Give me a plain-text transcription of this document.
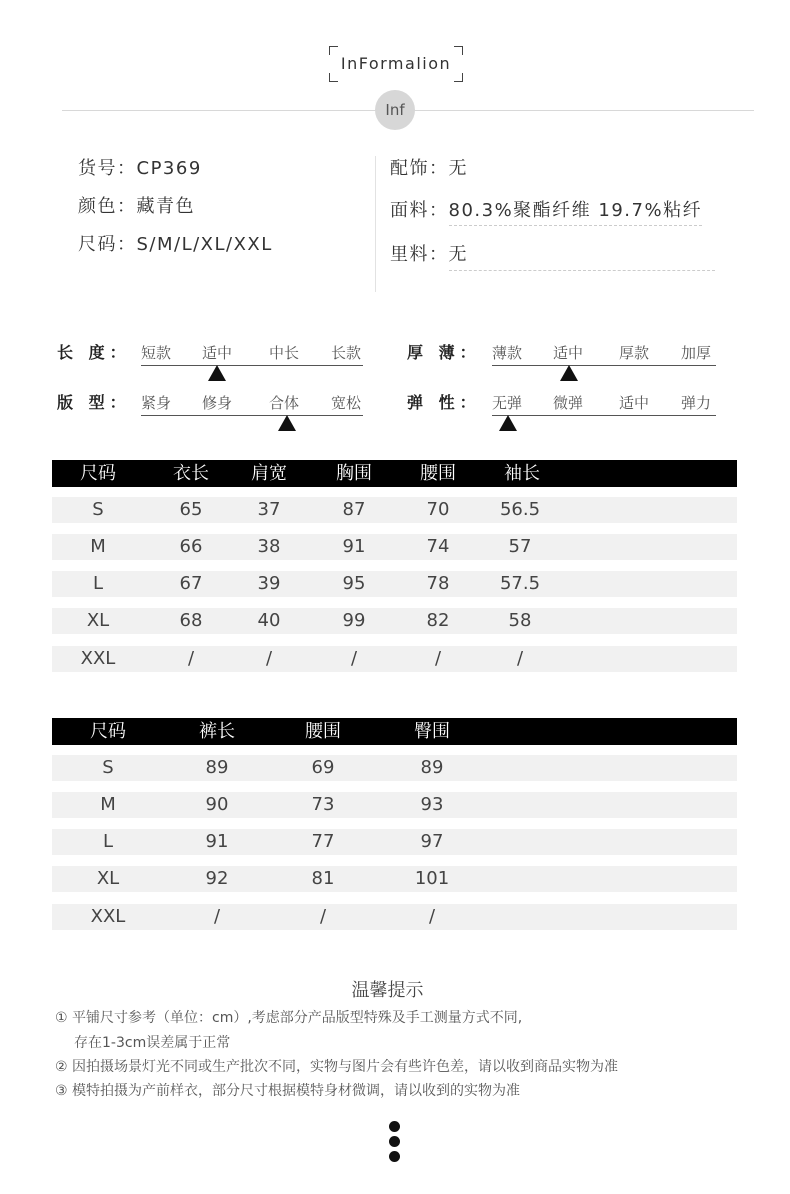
InFormalion
Inf
货号：CP369
颜色：藏青色
尺码：S/M/L/XL/XXL
配饰：无
面料：80.3%聚酯纤维 19.7%粘纤
里料：无
长 度： 短款 适中 中长 长款
版 型： 紧身 修身 合体 宽松
厚 薄： 薄款 适中 厚款 加厚
弹 性： 无弹 微弹 适中 弹力
尺码	衣长	肩宽	胸围	腰围	袖长
S	65	37	87	70	56.5
M	66	38	91	74	57
L	67	39	95	78	57.5
XL	68	40	99	82	58
XXL	/	/	/	/	/
尺码	裤长	腰围	臀围
S	89	69	89
M	90	73	93
L	91	77	97
XL	92	81	101
XXL	/	/	/
温馨提示
① 平铺尺寸参考（单位：cm）,考虑部分产品版型特殊及手工测量方式不同,
存在1-3cm误差属于正常
② 因拍摄场景灯光不同或生产批次不同，实物与图片会有些许色差，请以收到商品实物为准
③ 模特拍摄为产前样衣，部分尺寸根据模特身材微调，请以收到的实物为准
